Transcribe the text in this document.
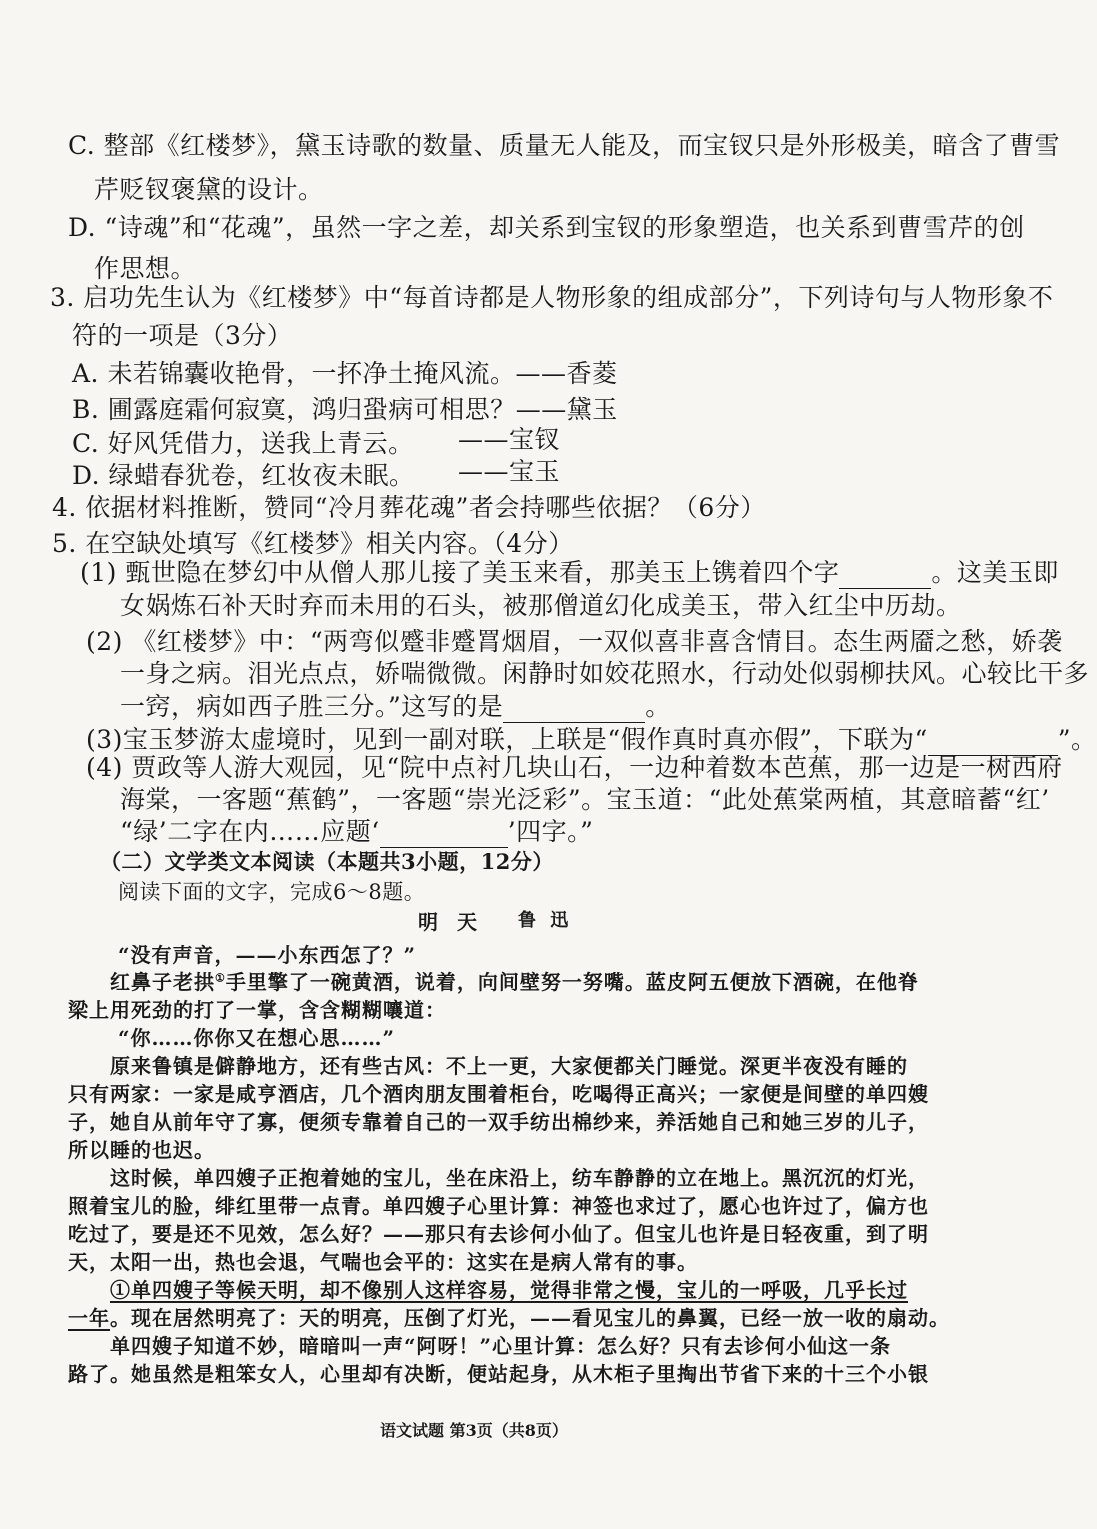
C. 整部《红楼梦》，黛玉诗歌的数量、质量无人能及，而宝钗只是外形极美，暗含了曹雪
芹贬钗褒黛的设计。
D. “诗魂”和“花魂”，虽然一字之差，却关系到宝钗的形象塑造，也关系到曹雪芹的创
作思想。
3. 启功先生认为《红楼梦》中“每首诗都是人物形象的组成部分”，下列诗句与人物形象不
符的一项是（3分）
A. 未若锦囊收艳骨，一抔净土掩风流。——香菱
B. 圃露庭霜何寂寞，鸿归蛩病可相思？——黛玉
C. 好风凭借力，送我上青云。 ——宝钗
D. 绿蜡春犹卷，红妆夜未眠。 ——宝玉
4. 依据材料推断，赞同“冷月葬花魂”者会持哪些依据？（6分）
5. 在空缺处填写《红楼梦》相关内容。（4分）
(1) 甄世隐在梦幻中从僧人那儿接了美玉来看，那美玉上镌着四个字	。这美玉即
女娲炼石补天时弃而未用的石头，被那僧道幻化成美玉，带入红尘中历劫。
(2) 《红楼梦》中：“两弯似蹙非蹙罥烟眉，一双似喜非喜含情目。态生两靥之愁，娇袭
一身之病。泪光点点，娇喘微微。闲静时如姣花照水，行动处似弱柳扶风。心较比干多
一窍，病如西子胜三分。”这写的是	。
(3)宝玉梦游太虚境时，见到一副对联，上联是“假作真时真亦假”，下联为“	”。
(4) 贾政等人游大观园，见“院中点衬几块山石，一边种着数本芭蕉，那一边是一树西府
海棠，一客题“蕉鹤”，一客题“崇光泛彩”。宝玉道：“此处蕉棠两植，其意暗蓄“红’
“绿’二字在内……应题‘	’四字。”
（二）文学类文本阅读（本题共3小题，12分）
阅读下面的文字，完成6～8题。
明 天 鲁 迅
“没有声音，——小东西怎了？”
红鼻子老拱①手里擎了一碗黄酒，说着，向间壁努一努嘴。蓝皮阿五便放下酒碗，在他脊
梁上用死劲的打了一掌，含含糊糊嚷道：
“你……你你又在想心思……”
原来鲁镇是僻静地方，还有些古风：不上一更，大家便都关门睡觉。深更半夜没有睡的
只有两家：一家是咸亨酒店，几个酒肉朋友围着柜台，吃喝得正高兴；一家便是间壁的单四嫂
子，她自从前年守了寡，便须专靠着自己的一双手纺出棉纱来，养活她自己和她三岁的儿子，
所以睡的也迟。
这时候，单四嫂子正抱着她的宝儿，坐在床沿上，纺车静静的立在地上。黑沉沉的灯光，
照着宝儿的脸，绯红里带一点青。单四嫂子心里计算：神签也求过了，愿心也许过了，偏方也
吃过了，要是还不见效，怎么好？——那只有去诊何小仙了。但宝儿也许是日轻夜重，到了明
天，太阳一出，热也会退，气喘也会平的：这实在是病人常有的事。
①单四嫂子等候天明，却不像别人这样容易，觉得非常之慢，宝儿的一呼吸，几乎长过
一年。现在居然明亮了：天的明亮，压倒了灯光，——看见宝儿的鼻翼，已经一放一收的扇动。
单四嫂子知道不妙，暗暗叫一声“阿呀！”心里计算：怎么好？只有去诊何小仙这一条
路了。她虽然是粗笨女人，心里却有决断，便站起身，从木柜子里掏出节省下来的十三个小银
语文试题 第3页（共8页）
